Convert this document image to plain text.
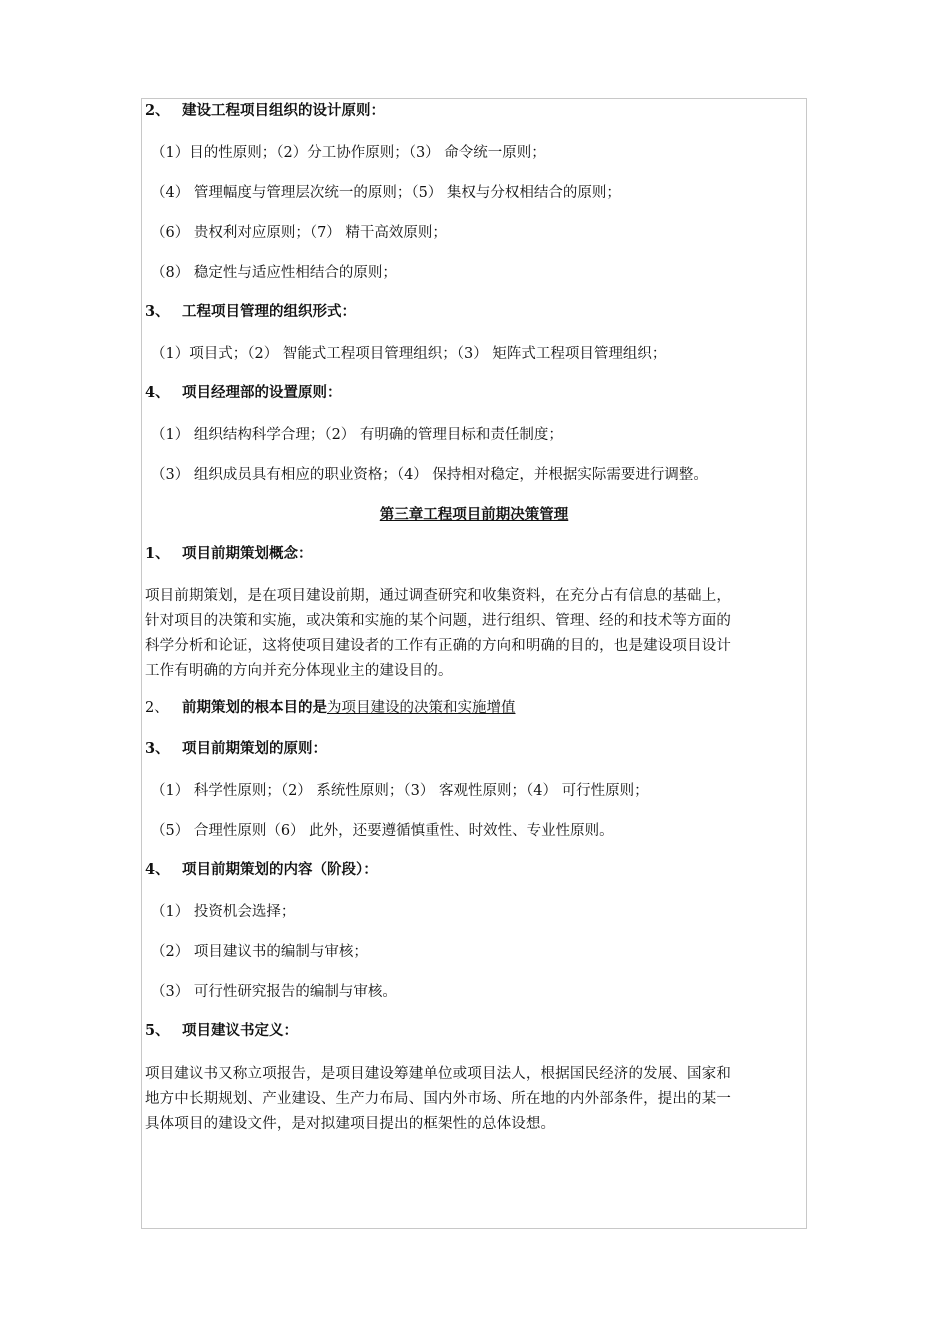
2、 建设工程项目组织的设计原则：
（1）目的性原则；（2）分工协作原则；（3） 命令统一原则；
（4） 管理幅度与管理层次统一的原则；（5） 集权与分权相结合的原则；
（6） 贵权利对应原则；（7） 精干高效原则；
（8） 稳定性与适应性相结合的原则；
3、 工程项目管理的组织形式：
（1）项目式；（2） 智能式工程项目管理组织；（3） 矩阵式工程项目管理组织；
4、 项目经理部的设置原则：
（1） 组织结构科学合理；（2） 有明确的管理目标和责任制度；
（3） 组织成员具有相应的职业资格；（4） 保持相对稳定，并根据实际需要进行调整。
第三章工程项目前期决策管理
1、 项目前期策划概念：
项目前期策划，是在项目建设前期，通过调查研究和收集资料，在充分占有信息的基础上，
针对项目的决策和实施，或决策和实施的某个问题，进行组织、管理、经的和技术等方面的
科学分析和论证，这将使项目建设者的工作有正确的方向和明确的目的，也是建设项目设计
工作有明确的方向并充分体现业主的建设目的。
2、 前期策划的根本目的是为项目建设的决策和实施增值
3、 项目前期策划的原则：
（1） 科学性原则；（2） 系统性原则；（3） 客观性原则；（4） 可行性原则；
（5） 合理性原则（6） 此外，还要遵循慎重性、时效性、专业性原则。
4、 项目前期策划的内容（阶段）：
（1） 投资机会选择；
（2） 项目建议书的编制与审核；
（3） 可行性研究报告的编制与审核。
5、 项目建议书定义：
项目建议书又称立项报告，是项目建设筹建单位或项目法人，根据国民经济的发展、国家和
地方中长期规划、产业建设、生产力布局、国内外市场、所在地的内外部条件，提出的某一
具体项目的建设文件，是对拟建项目提出的框架性的总体设想。
